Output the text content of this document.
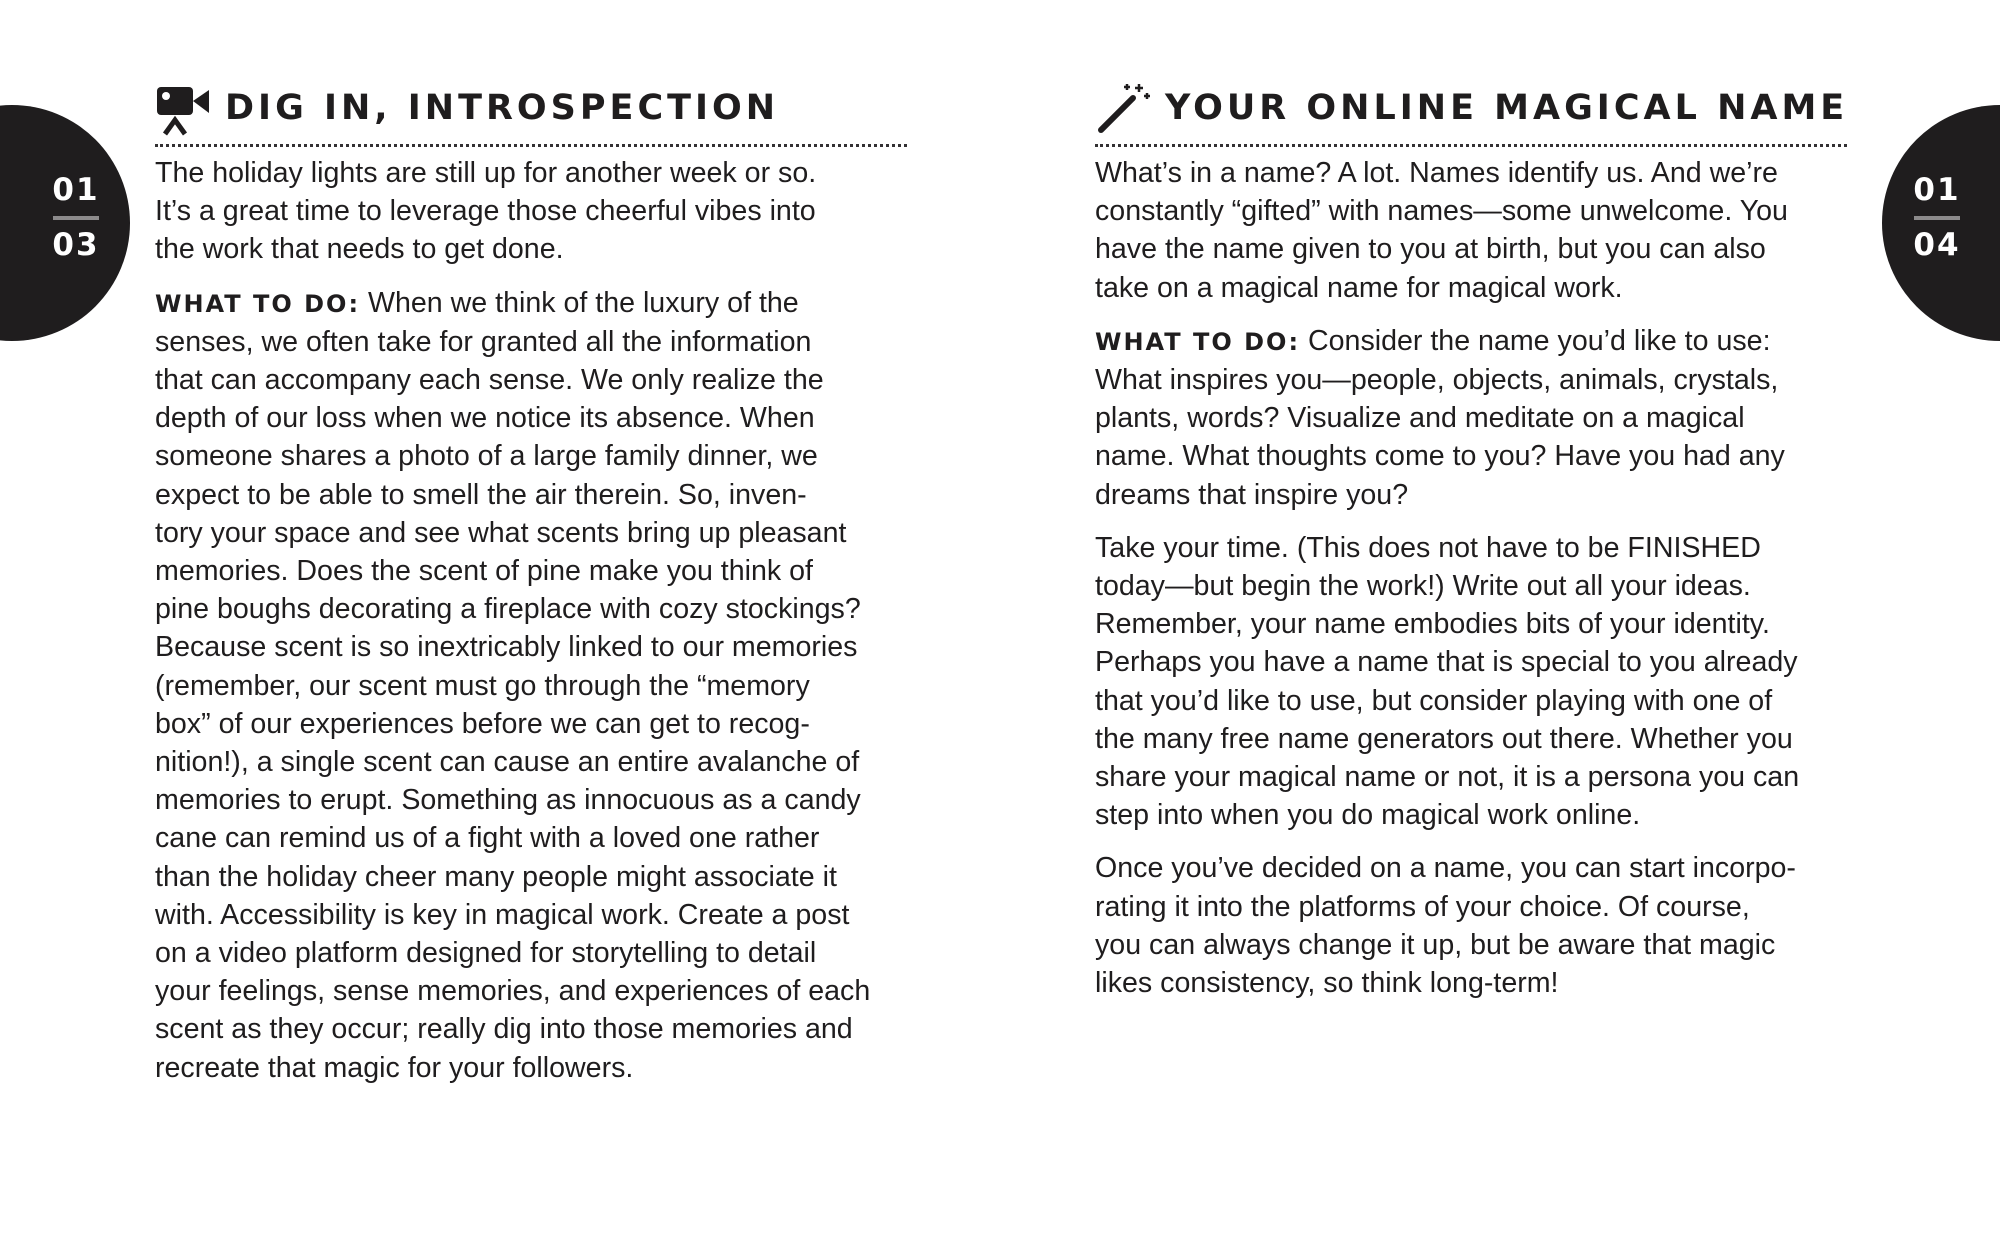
01
03
DIG IN, INTROSPECTION

The holiday lights are still up for another week or so.
It’s a great time to leverage those cheerful vibes into
the work that needs to get done.

WHAT TO DO: When we think of the luxury of the
senses, we often take for granted all the information
that can accompany each sense. We only realize the
depth of our loss when we notice its absence. When
someone shares a photo of a large family dinner, we
expect to be able to smell the air therein. So, inven-
tory your space and see what scents bring up pleasant
memories. Does the scent of pine make you think of
pine boughs decorating a fireplace with cozy stockings?
Because scent is so inextricably linked to our memories
(remember, our scent must go through the “memory
box” of our experiences before we can get to recog-
nition!), a single scent can cause an entire avalanche of
memories to erupt. Something as innocuous as a candy
cane can remind us of a fight with a loved one rather
than the holiday cheer many people might associate it
with. Accessibility is key in magical work. Create a post
on a video platform designed for storytelling to detail
your feelings, sense memories, and experiences of each
scent as they occur; really dig into those memories and
recreate that magic for your followers.

01
04
YOUR ONLINE MAGICAL NAME

What’s in a name? A lot. Names identify us. And we’re
constantly “gifted” with names—some unwelcome. You
have the name given to you at birth, but you can also
take on a magical name for magical work.

WHAT TO DO: Consider the name you’d like to use:
What inspires you—people, objects, animals, crystals,
plants, words? Visualize and meditate on a magical
name. What thoughts come to you? Have you had any
dreams that inspire you?

Take your time. (This does not have to be FINISHED
today—but begin the work!) Write out all your ideas.
Remember, your name embodies bits of your identity.
Perhaps you have a name that is special to you already
that you’d like to use, but consider playing with one of
the many free name generators out there. Whether you
share your magical name or not, it is a persona you can
step into when you do magical work online.

Once you’ve decided on a name, you can start incorpo-
rating it into the platforms of your choice. Of course,
you can always change it up, but be aware that magic
likes consistency, so think long-term!
